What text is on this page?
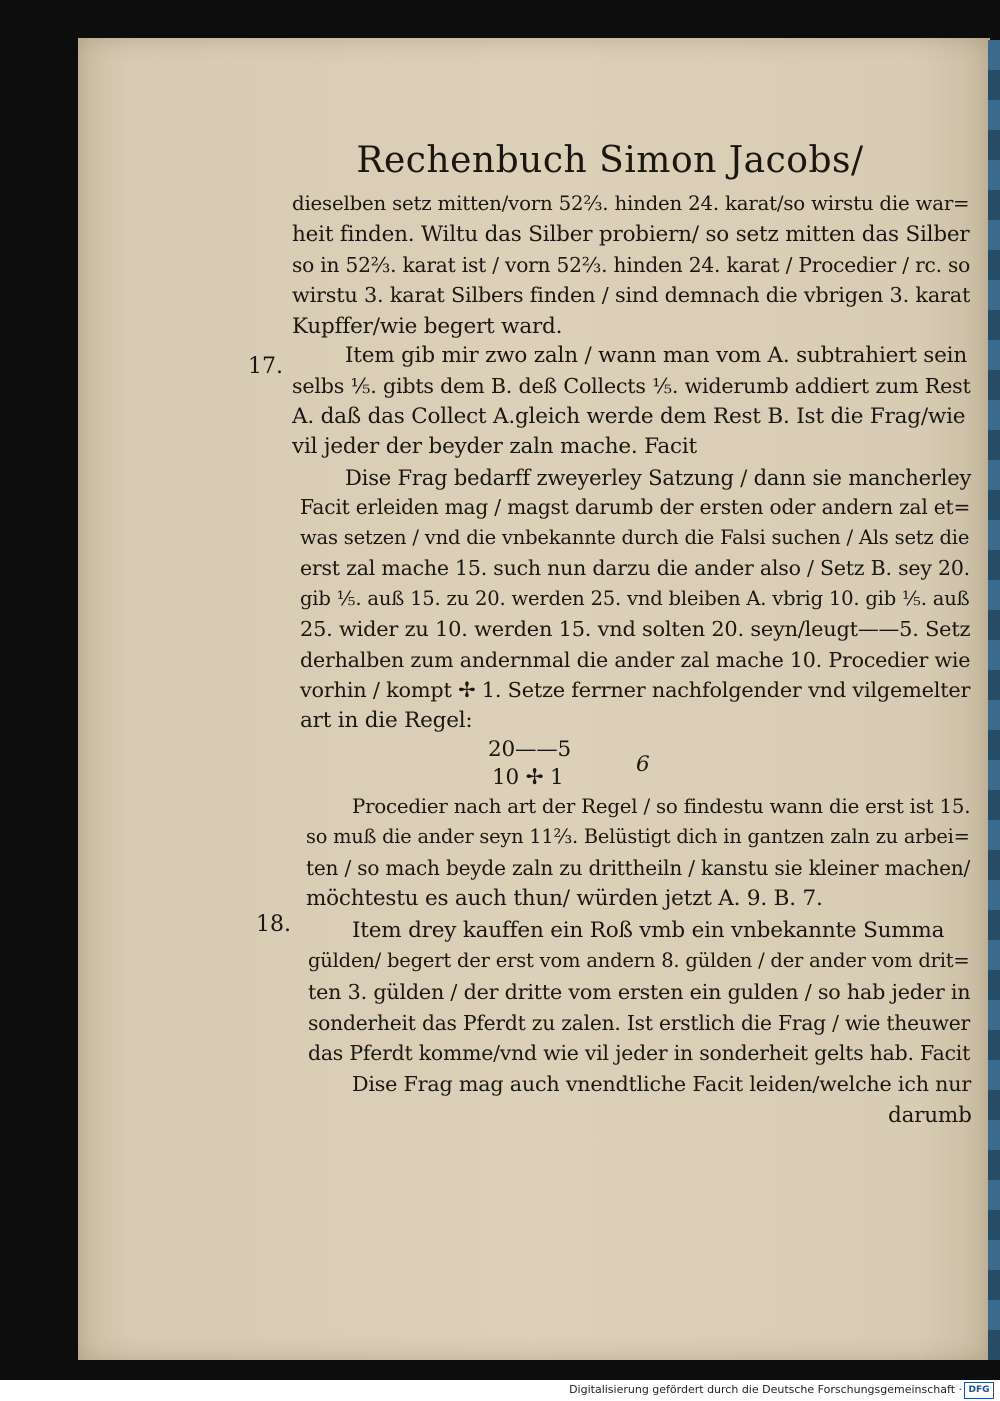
Rechenbuch Simon Jacobs/
17.
18.
dieselben setz mitten/vorn 52⅔. hinden 24. karat/so wirstu die war=
heit finden. Wiltu das Silber probiern/ so setz mitten das Silber
so in 52⅔. karat ist / vorn 52⅔. hinden 24. karat / Procedier / rc. so
wirstu 3. karat Silbers finden / sind demnach die vbrigen 3. karat
Kupffer/wie begert ward.
Item gib mir zwo zaln / wann man vom A. subtrahiert sein
selbs ⅕. gibts dem B. deß Collects ⅕. widerumb addiert zum Rest
A. daß das Collect A.gleich werde dem Rest B. Ist die Frag/wie
vil jeder der beyder zaln mache. Facit
Dise Frag bedarff zweyerley Satzung / dann sie mancherley
Facit erleiden mag / magst darumb der ersten oder andern zal et=
was setzen / vnd die vnbekannte durch die Falsi suchen / Als setz die
erst zal mache 15. such nun darzu die ander also / Setz B. sey 20.
gib ⅕. auß 15. zu 20. werden 25. vnd bleiben A. vbrig 10. gib ⅕. auß
25. wider zu 10. werden 15. vnd solten 20. seyn/leugt——5. Setz
derhalben zum andernmal die ander zal mache 10. Procedier wie
vorhin / kompt ✢ 1. Setze ferrner nachfolgender vnd vilgemelter
art in die Regel:
20——5
10 ✢ 1
6
Procedier nach art der Regel / so findestu wann die erst ist 15.
so muß die ander seyn 11⅔. Belüstigt dich in gantzen zaln zu arbei=
ten / so mach beyde zaln zu drittheiln / kanstu sie kleiner machen/
möchtestu es auch thun/ würden jetzt A. 9. B. 7.
Item drey kauffen ein Roß vmb ein vnbekannte Summa
gülden/ begert der erst vom andern 8. gülden / der ander vom drit=
ten 3. gülden / der dritte vom ersten ein gulden / so hab jeder in
sonderheit das Pferdt zu zalen. Ist erstlich die Frag / wie theuwer
das Pferdt komme/vnd wie vil jeder in sonderheit gelts hab. Facit
Dise Frag mag auch vnendtliche Facit leiden/welche ich nur
darumb
Digitalisierung gefördert durch die Deutsche Forschungsgemeinschaft · DFG
